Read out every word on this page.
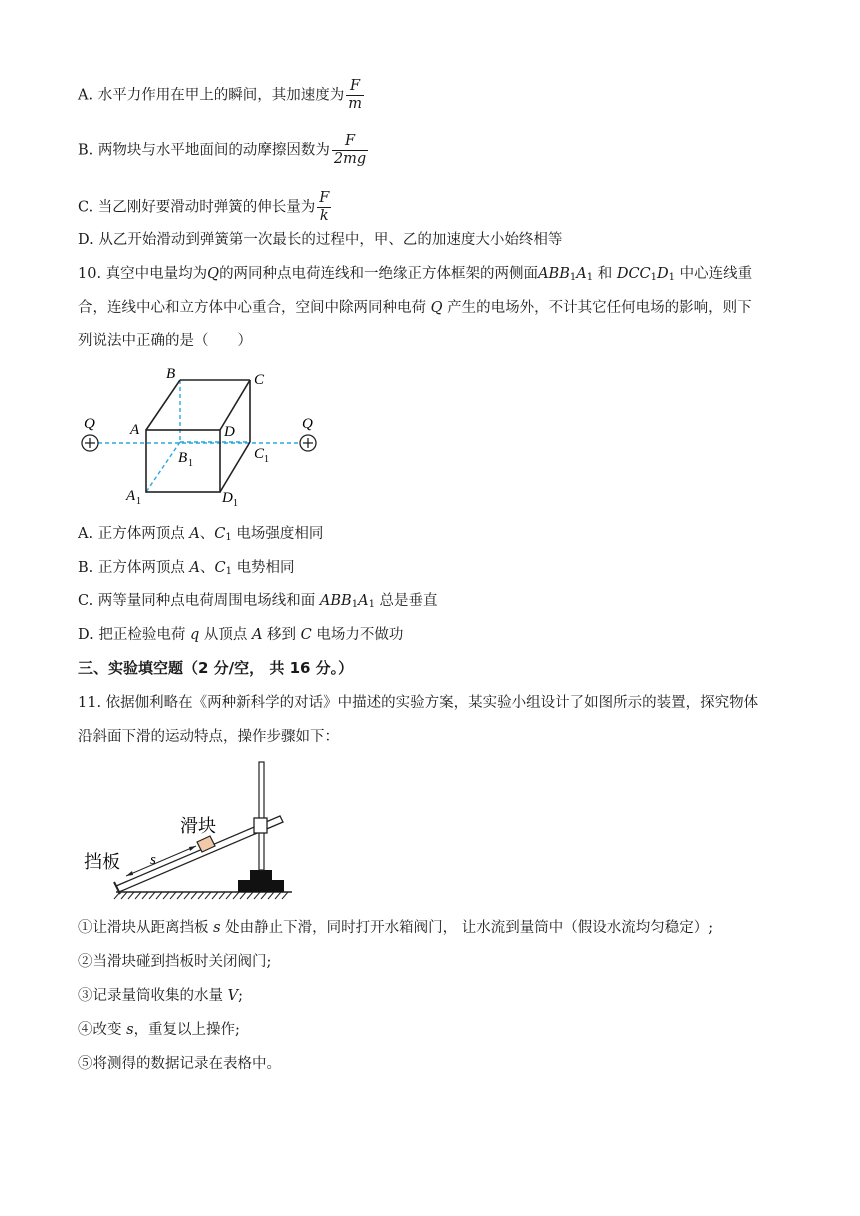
A. 水平力作用在甲上的瞬间，其加速度为 $\frac{F}{m}$
B. 两物块与水平地面间的动摩擦因数为 $\frac{F}{2mg}$
C. 当乙刚好要滑动时弹簧的伸长量为 $\frac{F}{k}$
D. 从乙开始滑动到弹簧第一次最长的过程中，甲、乙的加速度大小始终相等
10. 真空中电量均为Q的两同种点电荷连线和一绝缘正方体框架的两侧面$ABB_1A_1$ 和 $DCC_1D_1$ 中心连线重
合，连线中心和立方体中心重合，空间中除两同种电荷 Q 产生的电场外，不计其它任何电场的影响，则下
列说法中正确的是（　　）
Q	Q
B	C
A	D
B 1
C 1
A 1	D 1
A. 正方体两顶点 A、$C_1$ 电场强度相同
B. 正方体两顶点 A、$C_1$ 电势相同
C. 两等量同种点电荷周围电场线和面 $ABB_1A_1$ 总是垂直
D. 把正检验电荷 q 从顶点 A 移到 C 电场力不做功
三、实验填空题（2 分/空， 共 16 分。）
11. 依据伽利略在《两种新科学的对话》中描述的实验方案，某实验小组设计了如图所示的装置，探究物体
沿斜面下滑的运动特点，操作步骤如下：
s
滑块
挡板
①让滑块从距离挡板 s 处由静止下滑，同时打开水箱阀门， 让水流到量筒中（假设水流均匀稳定）;
②当滑块碰到挡板时关闭阀门;
③记录量筒收集的水量 V;
④改变 s，重复以上操作;
⑤将测得的数据记录在表格中。
